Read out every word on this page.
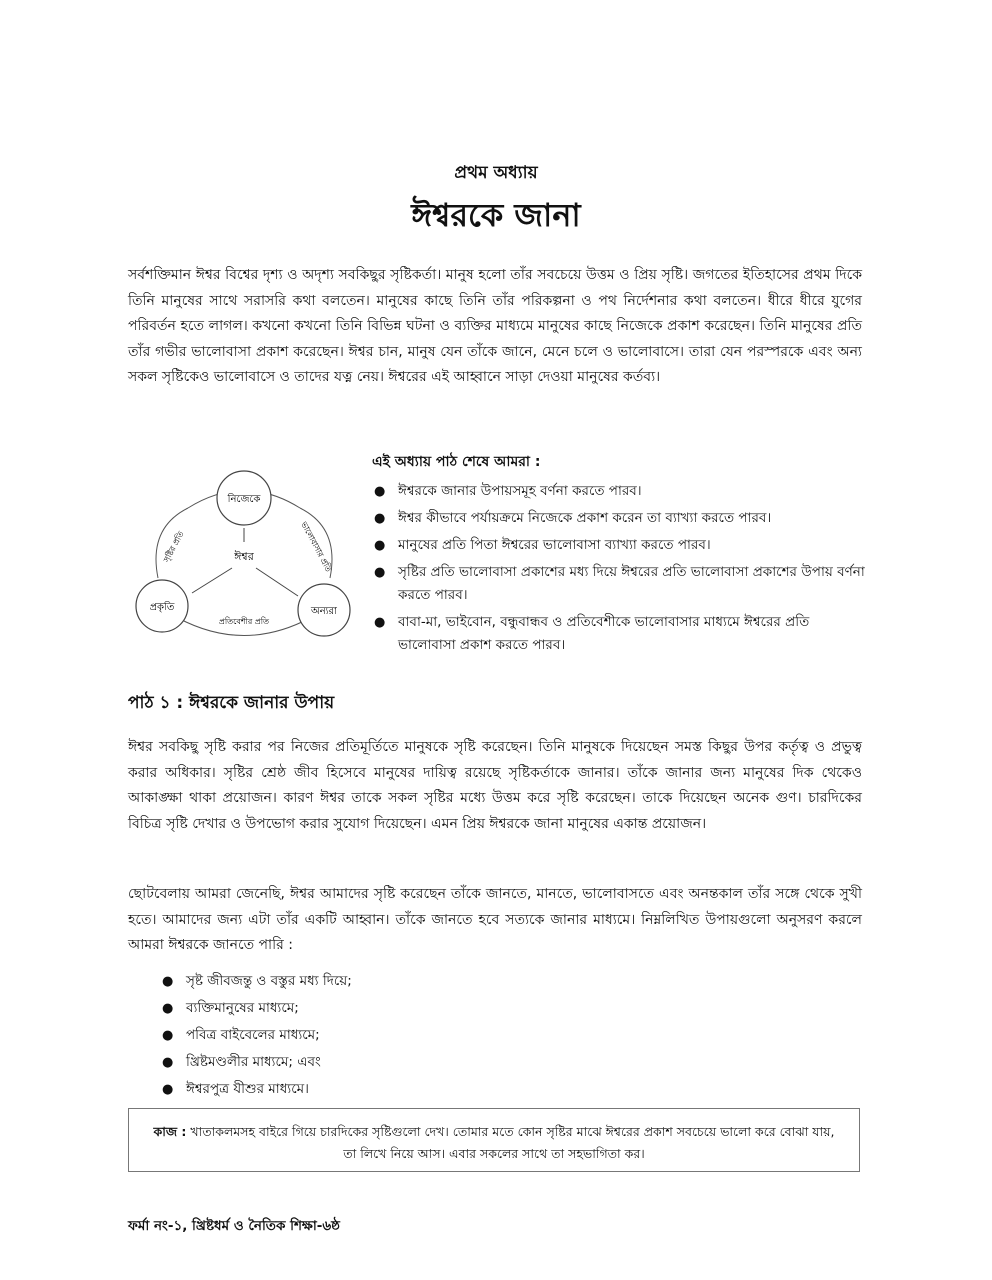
প্রথম অধ্যায়
ঈশ্বরকে জানা

সর্বশক্তিমান ঈশ্বর বিশ্বের দৃশ্য ও অদৃশ্য সবকিছুর সৃষ্টিকর্তা। মানুষ হলো তাঁর সবচেয়ে উত্তম ও প্রিয় সৃষ্টি। জগতের ইতিহাসের প্রথম দিকে তিনি মানুষের সাথে সরাসরি কথা বলতেন। মানুষের কাছে তিনি তাঁর পরিকল্পনা ও পথ নির্দেশনার কথা বলতেন। ধীরে ধীরে যুগের পরিবর্তন হতে লাগল। কখনো কখনো তিনি বিভিন্ন ঘটনা ও ব্যক্তির মাধ্যমে মানুষের কাছে নিজেকে প্রকাশ করেছেন। তিনি মানুষের প্রতি তাঁর গভীর ভালোবাসা প্রকাশ করেছেন। ঈশ্বর চান, মানুষ যেন তাঁকে জানে, মেনে চলে ও ভালোবাসে। তারা যেন পরস্পরকে এবং অন্য সকল সৃষ্টিকেও ভালোবাসে ও তাদের যত্ন নেয়। ঈশ্বরের এই আহ্বানে সাড়া দেওয়া মানুষের কর্তব্য।

ঈশ্বর
নিজেকে
প্রকৃতি	অন্যরা
সৃষ্টির প্রতি	ভালোবাসার প্রতি
প্রতিবেশীর প্রতি

এই অধ্যায় পাঠ শেষে আমরা :

● ঈশ্বরকে জানার উপায়সমূহ বর্ণনা করতে পারব।
● ঈশ্বর কীভাবে পর্যায়ক্রমে নিজেকে প্রকাশ করেন তা ব্যাখ্যা করতে পারব।
● মানুষের প্রতি পিতা ঈশ্বরের ভালোবাসা ব্যাখ্যা করতে পারব।
● সৃষ্টির প্রতি ভালোবাসা প্রকাশের মধ্য দিয়ে ঈশ্বরের প্রতি ভালোবাসা প্রকাশের উপায় বর্ণনা করতে পারব।
● বাবা-মা, ভাইবোন, বন্ধুবান্ধব ও প্রতিবেশীকে ভালোবাসার মাধ্যমে ঈশ্বরের প্রতি ভালোবাসা প্রকাশ করতে পারব।
পাঠ ১ : ঈশ্বরকে জানার উপায়

ঈশ্বর সবকিছু সৃষ্টি করার পর নিজের প্রতিমূর্তিতে মানুষকে সৃষ্টি করেছেন। তিনি মানুষকে দিয়েছেন সমস্ত কিছুর উপর কর্তৃত্ব ও প্রভুত্ব করার অধিকার। সৃষ্টির শ্রেষ্ঠ জীব হিসেবে মানুষের দায়িত্ব রয়েছে সৃষ্টিকর্তাকে জানার। তাঁকে জানার জন্য মানুষের দিক থেকেও আকাঙ্ক্ষা থাকা প্রয়োজন। কারণ ঈশ্বর তাকে সকল সৃষ্টির মধ্যে উত্তম করে সৃষ্টি করেছেন। তাকে দিয়েছেন অনেক গুণ। চারদিকের বিচিত্র সৃষ্টি দেখার ও উপভোগ করার সুযোগ দিয়েছেন। এমন প্রিয় ঈশ্বরকে জানা মানুষের একান্ত প্রয়োজন।

ছোটবেলায় আমরা জেনেছি, ঈশ্বর আমাদের সৃষ্টি করেছেন তাঁকে জানতে, মানতে, ভালোবাসতে এবং অনন্তকাল তাঁর সঙ্গে থেকে সুখী হতে। আমাদের জন্য এটা তাঁর একটি আহ্বান। তাঁকে জানতে হবে সত্যকে জানার মাধ্যমে। নিম্নলিখিত উপায়গুলো অনুসরণ করলে আমরা ঈশ্বরকে জানতে পারি :

● সৃষ্ট জীবজন্তু ও বস্তুর মধ্য দিয়ে;
● ব্যক্তিমানুষের মাধ্যমে;
● পবিত্র বাইবেলের মাধ্যমে;
● খ্রিষ্টমণ্ডলীর মাধ্যমে; এবং
● ঈশ্বরপুত্র যীশুর মাধ্যমে।
কাজ : খাতাকলমসহ বাইরে গিয়ে চারদিকের সৃষ্টিগুলো দেখ। তোমার মতে কোন সৃষ্টির মাঝে ঈশ্বরের প্রকাশ সবচেয়ে ভালো করে বোঝা যায়, তা লিখে নিয়ে আস। এবার সকলের সাথে তা সহভাগিতা কর।
ফর্মা নং-১, খ্রিষ্টধর্ম ও নৈতিক শিক্ষা-৬ষ্ঠ
